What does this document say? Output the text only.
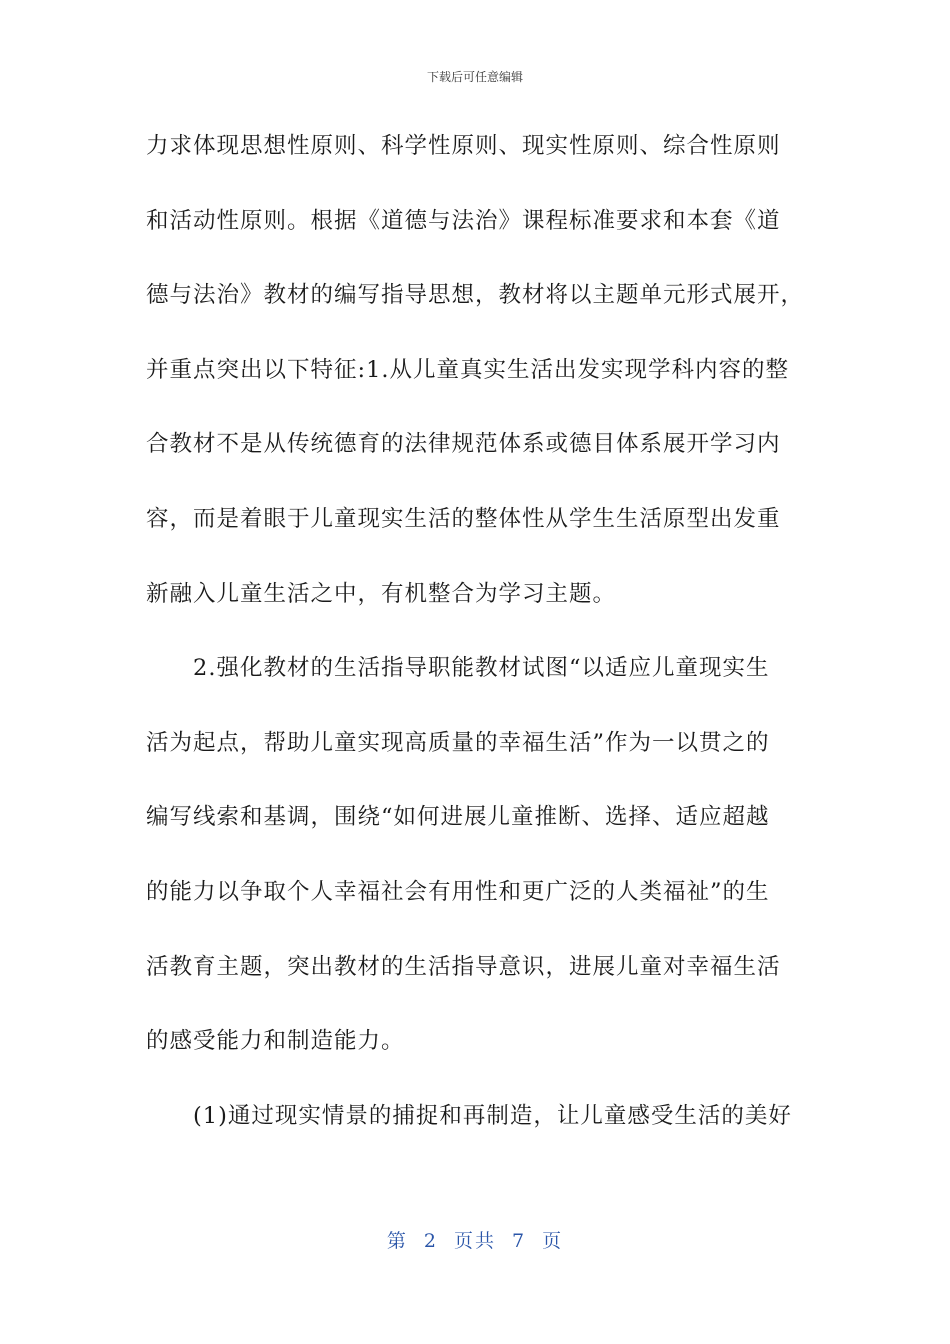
下载后可任意编辑
力求体现思想性原则、科学性原则、现实性原则、综合性原则
和活动性原则。根据《道德与法治》课程标准要求和本套《道
德与法治》教材的编写指导思想，教材将以主题单元形式展开，
并重点突出以下特征:1.从儿童真实生活出发实现学科内容的整
合教材不是从传统德育的法律规范体系或德目体系展开学习内
容，而是着眼于儿童现实生活的整体性从学生生活原型出发重
新融入儿童生活之中，有机整合为学习主题。
　　2.强化教材的生活指导职能教材试图“以适应儿童现实生
活为起点，帮助儿童实现高质量的幸福生活”作为一以贯之的
编写线索和基调，围绕“如何进展儿童推断、选择、适应超越
的能力以争取个人幸福社会有用性和更广泛的人类福祉”的生
活教育主题，突出教材的生活指导意识，进展儿童对幸福生活
的感受能力和制造能力。
　　(1)通过现实情景的捕捉和再制造，让儿童感受生活的美好
第 2 页共 7 页
